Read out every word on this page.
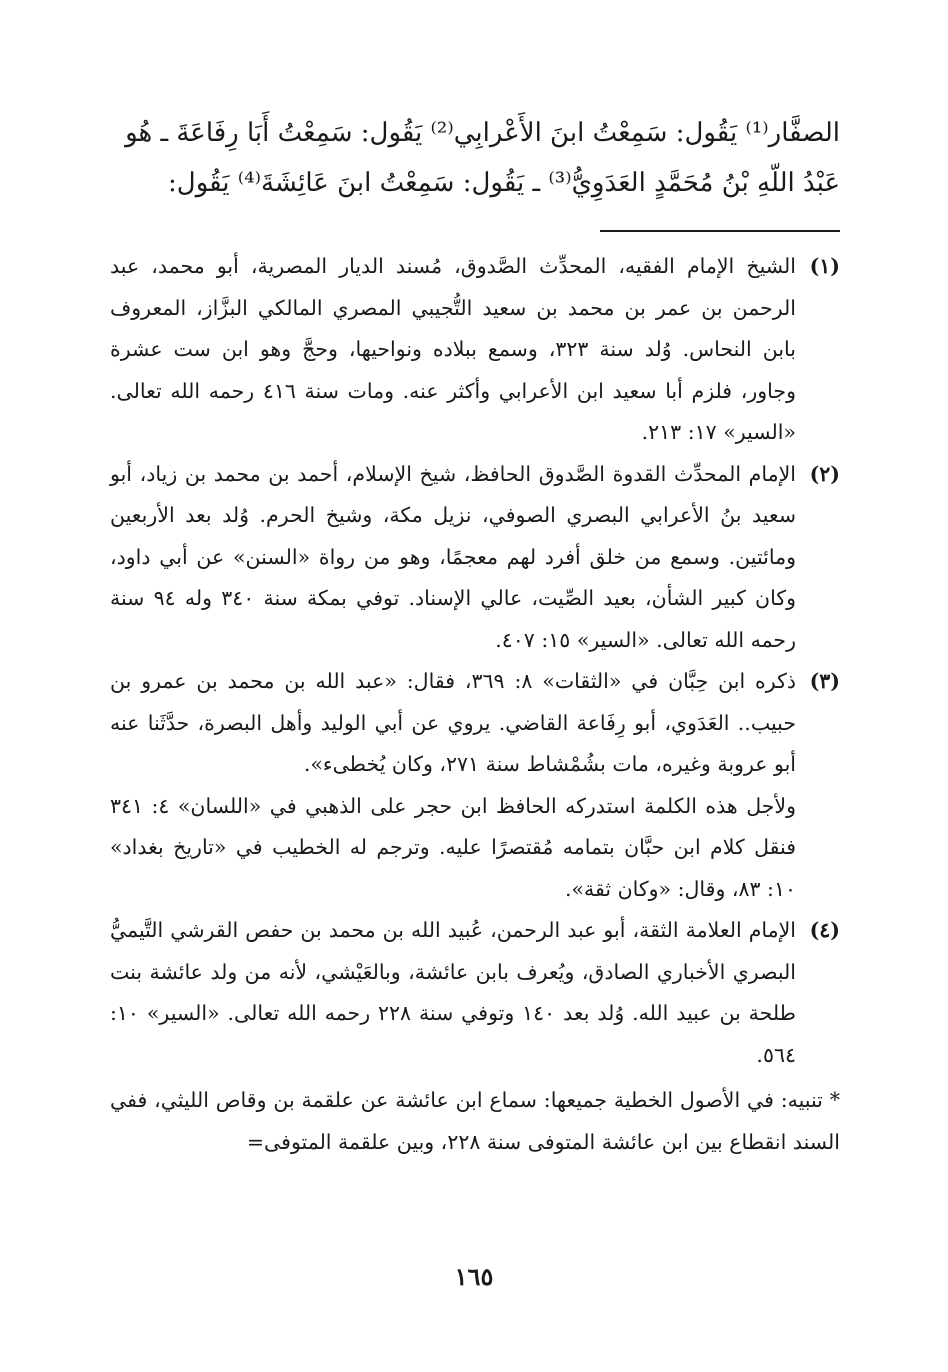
الصفَّار⁽¹⁾ يَقُول: سَمِعْتُ ابنَ الأَعْرابِي⁽²⁾ يَقُول: سَمِعْتُ أَبَا رِفَاعَةَ ـ هُو

عَبْدُ اللّهِ بْنُ مُحَمَّدٍ العَدَوِيُّ⁽³⁾ ـ يَقُول: سَمِعْتُ ابنَ عَائِشَةَ⁽⁴⁾ يَقُول:

(١)

الشيخ الإمام الفقيه، المحدِّث الصَّدوق، مُسند الديار المصرية، أبو محمد، عبد الرحمن بن عمر بن محمد بن سعيد التُّجيبي المصري المالكي البزَّاز، المعروف بابن النحاس. وُلد سنة ٣٢٣، وسمع ببلاده ونواحيها، وحجَّ وهو ابن ست عشرة وجاور، فلزم أبا سعيد ابن الأعرابي وأكثر عنه. ومات سنة ٤١٦ رحمه الله تعالى. «السير» ١٧: ٢١٣.

(٢)

الإمام المحدِّث القدوة الصَّدوق الحافظ، شيخ الإسلام، أحمد بن محمد بن زياد، أبو سعيد بنُ الأعرابي البصري الصوفي، نزيل مكة، وشيخ الحرم. وُلد بعد الأربعين ومائتين. وسمع من خلق أفرد لهم معجمًا، وهو من رواة «السنن» عن أبي داود، وكان كبير الشأن، بعيد الصِّيت، عالي الإسناد. توفي بمكة سنة ٣٤٠ وله ٩٤ سنة رحمه الله تعالى. «السير» ١٥: ٤٠٧.

(٣)

ذكره ابن حِبَّان في «الثقات» ٨: ٣٦٩، فقال: «عبد الله بن محمد بن عمرو بن حبيب.. العَدَوي، أبو رِفَاعة القاضي. يروي عن أبي الوليد وأهل البصرة، حدَّثَنا عنه أبو عروبة وغيره، مات بشُمْشاط سنة ٢٧١، وكان يُخطىء».

ولأجل هذه الكلمة استدركه الحافظ ابن حجر على الذهبي في «اللسان» ٤: ٣٤١ فنقل كلام ابن حبَّان بتمامه مُقتصرًا عليه. وترجم له الخطيب في «تاريخ بغداد» ١٠: ٨٣، وقال: «وكان ثقة».

(٤)

الإمام العلامة الثقة، أبو عبد الرحمن، عُبيد الله بن محمد بن حفص القرشي التَّيميُّ البصري الأخباري الصادق، ويُعرف بابن عائشة، وبالعَيْشي، لأنه من ولد عائشة بنت طلحة بن عبيد الله. وُلد بعد ١٤٠ وتوفي سنة ٢٢٨ رحمه الله تعالى. «السير» ١٠: ٥٦٤.

* تنبيه: في الأصول الخطية جميعها: سماع ابن عائشة عن علقمة بن وقاص الليثي، ففي السند انقطاع بين ابن عائشة المتوفى سنة ٢٢٨، وبين علقمة المتوفى=

١٦٥
